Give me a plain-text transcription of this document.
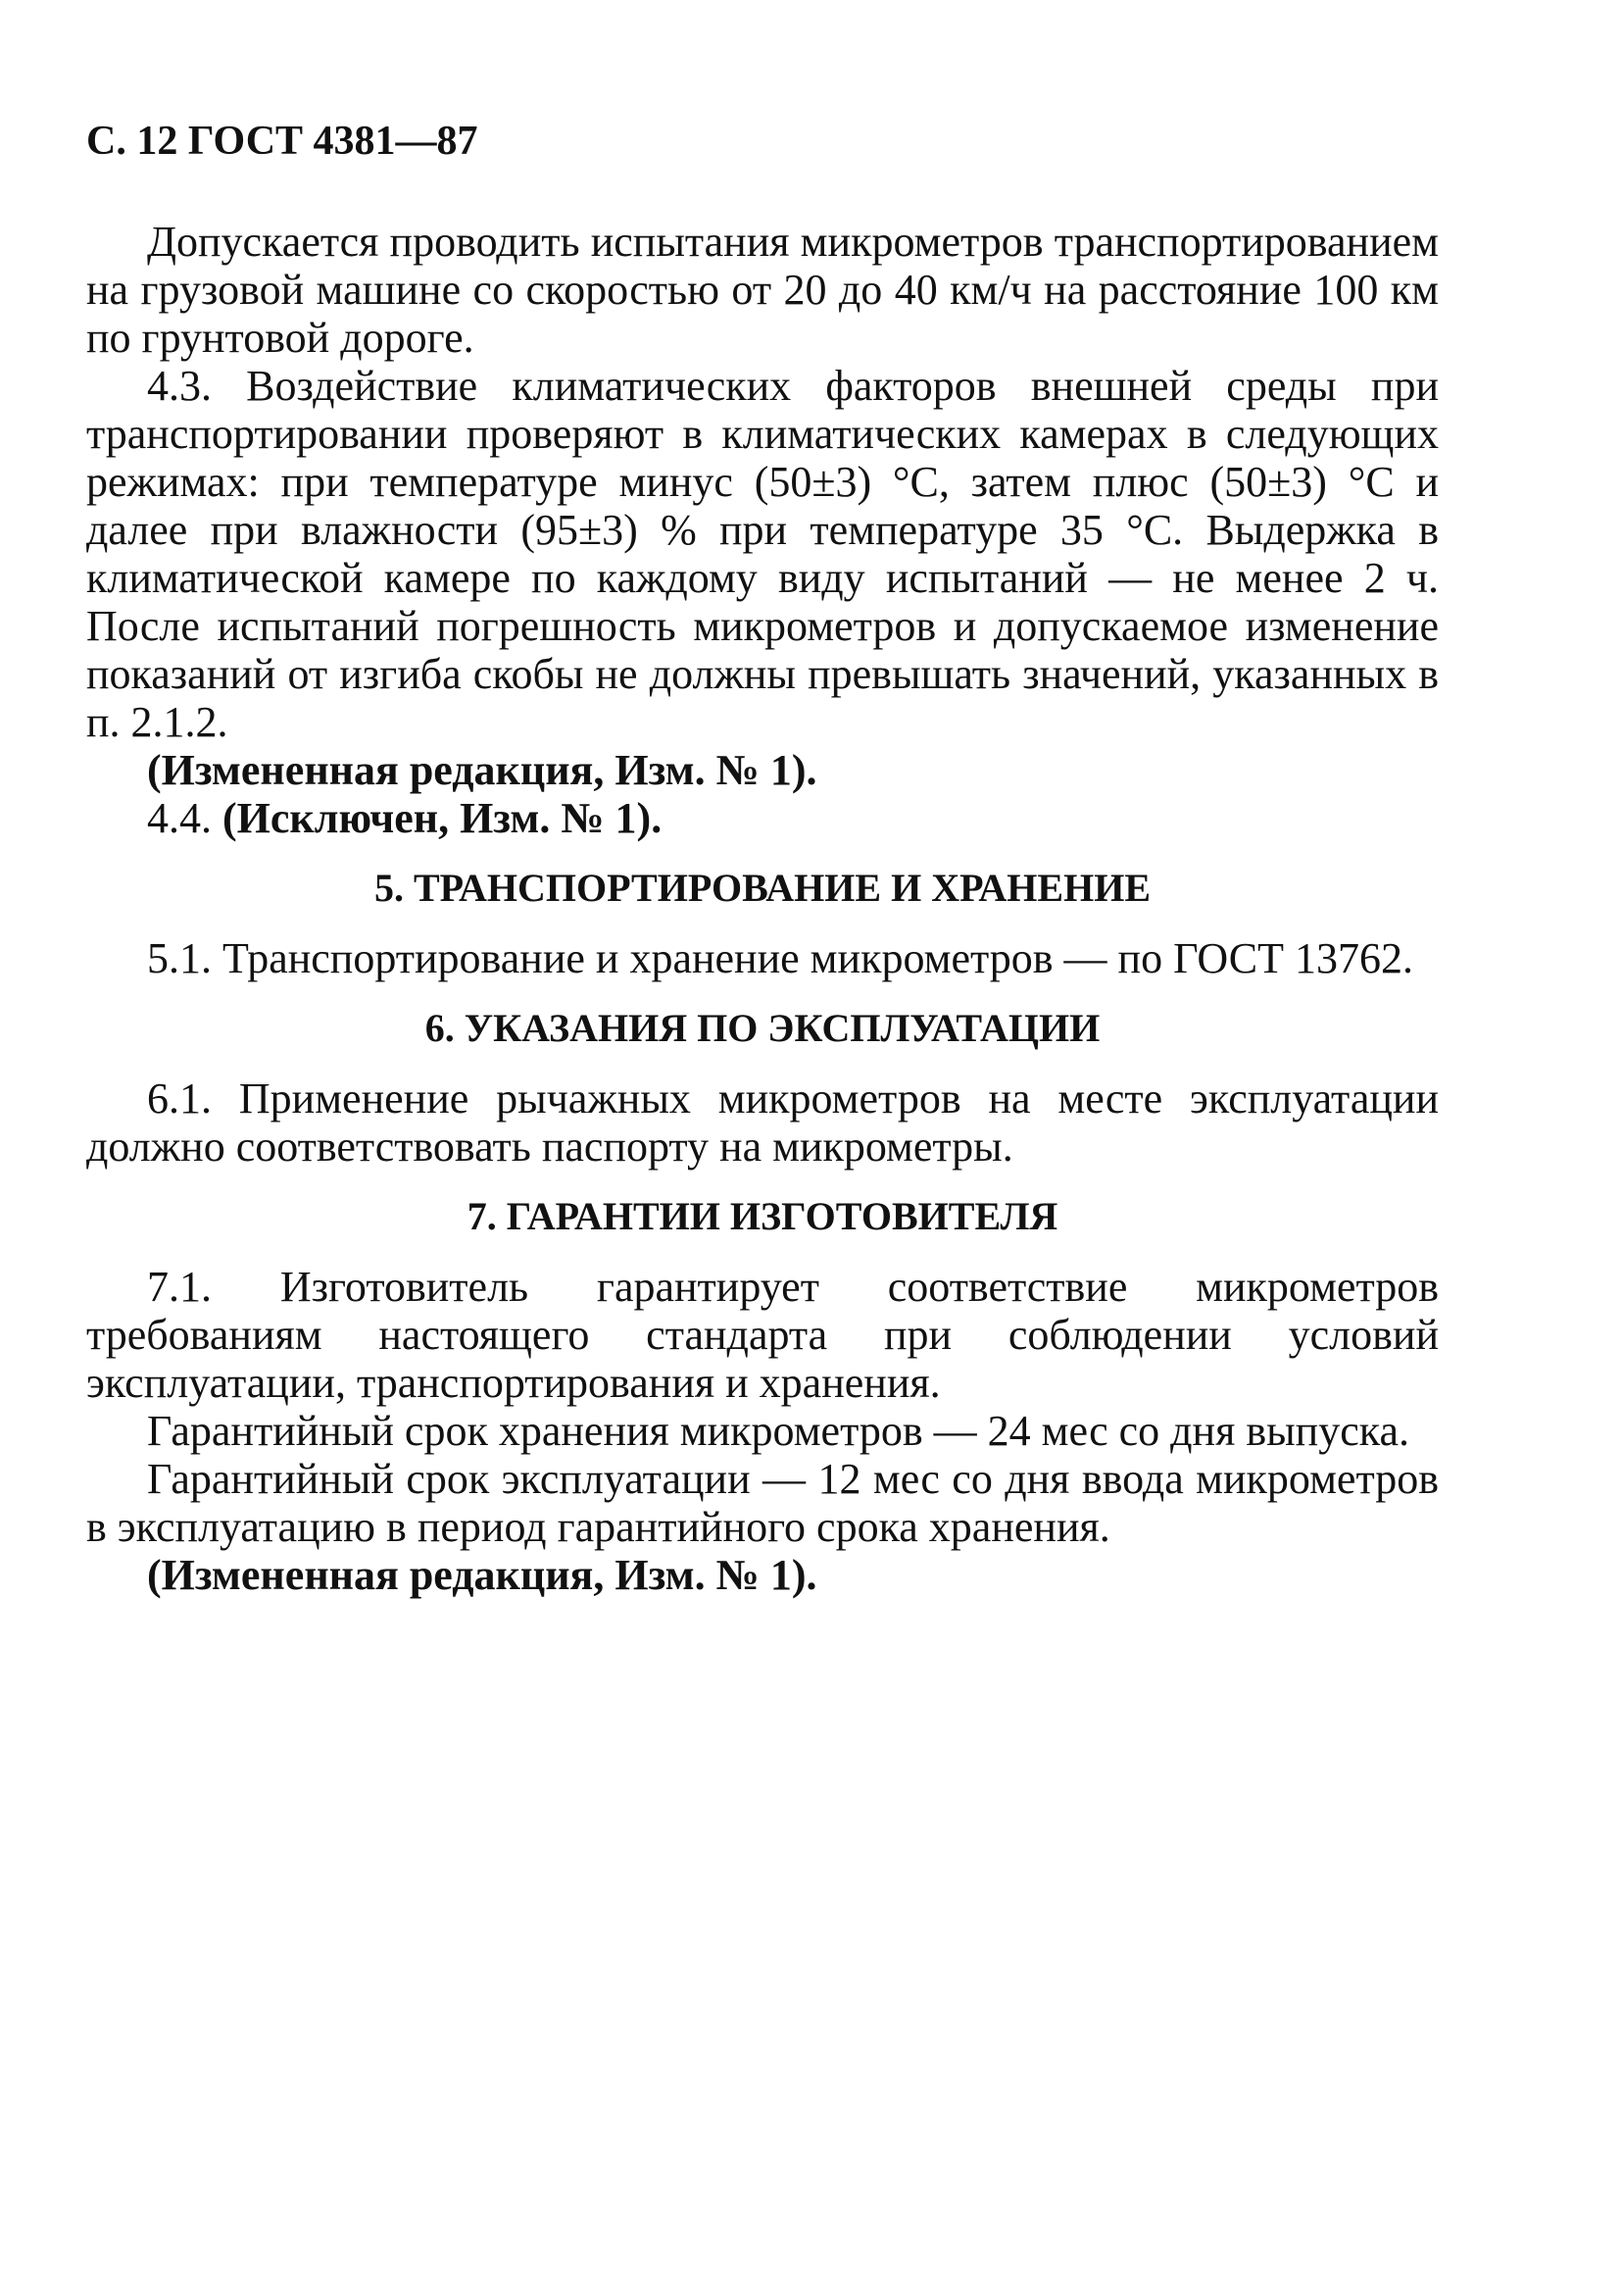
С. 12 ГОСТ 4381—87

Допускается проводить испытания микрометров транспортированием на грузовой машине со скоростью от 20 до 40 км/ч на расстояние 100 км по грунтовой дороге.

4.3. Воздействие климатических факторов внешней среды при транспортировании проверяют в климатических камерах в следующих режимах: при температуре минус (50±3) °С, затем плюс (50±3) °С и далее при влажности (95±3) % при температуре 35 °С. Выдержка в климатической камере по каждому виду испытаний — не менее 2 ч. После испытаний погрешность микрометров и допускаемое изменение показаний от изгиба скобы не должны превышать значений, указанных в п. 2.1.2.

(Измененная редакция, Изм. № 1).

4.4. (Исключен, Изм. № 1).

5. ТРАНСПОРТИРОВАНИЕ И ХРАНЕНИЕ

5.1. Транспортирование и хранение микрометров — по ГОСТ 13762.

6. УКАЗАНИЯ ПО ЭКСПЛУАТАЦИИ

6.1. Применение рычажных микрометров на месте эксплуатации должно соответствовать паспорту на микрометры.

7. ГАРАНТИИ ИЗГОТОВИТЕЛЯ

7.1. Изготовитель гарантирует соответствие микрометров требованиям настоящего стандарта при соблюдении условий эксплуатации, транспортирования и хранения.

Гарантийный срок хранения микрометров — 24 мес со дня выпуска.

Гарантийный срок эксплуатации — 12 мес со дня ввода микрометров в эксплуатацию в период гарантийного срока хранения.

(Измененная редакция, Изм. № 1).
